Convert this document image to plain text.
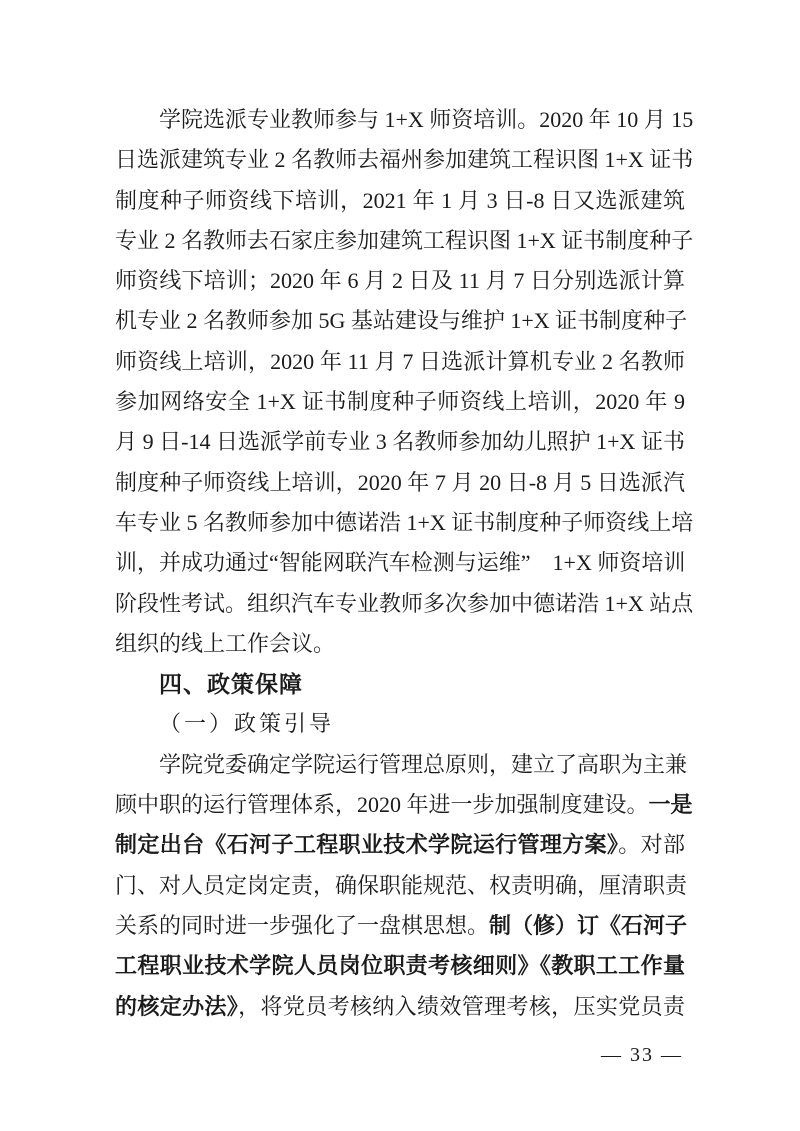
学院选派专业教师参与 1+X 师资培训。2020 年 10 月 15
日选派建筑专业 2 名教师去福州参加建筑工程识图 1+X 证书
制度种子师资线下培训，2021 年 1 月 3 日-8 日又选派建筑
专业 2 名教师去石家庄参加建筑工程识图 1+X 证书制度种子
师资线下培训；2020 年 6 月 2 日及 11 月 7 日分别选派计算
机专业 2 名教师参加 5G 基站建设与维护 1+X 证书制度种子
师资线上培训，2020 年 11 月 7 日选派计算机专业 2 名教师
参加网络安全 1+X 证书制度种子师资线上培训，2020 年 9
月 9 日-14 日选派学前专业 3 名教师参加幼儿照护 1+X 证书
制度种子师资线上培训，2020 年 7 月 20 日-8 月 5 日选派汽
车专业 5 名教师参加中德诺浩 1+X 证书制度种子师资线上培
训，并成功通过“智能网联汽车检测与运维”　1+X 师资培训
阶段性考试。组织汽车专业教师多次参加中德诺浩 1+X 站点
组织的线上工作会议。
四、政策保障
（一）政策引导
学院党委确定学院运行管理总原则，建立了高职为主兼
顾中职的运行管理体系，2020 年进一步加强制度建设。一是
制定出台《石河子工程职业技术学院运行管理方案》。对部
门、对人员定岗定责，确保职能规范、权责明确，厘清职责
关系的同时进一步强化了一盘棋思想。制（修）订《石河子
工程职业技术学院人员岗位职责考核细则》《教职工工作量
的核定办法》，将党员考核纳入绩效管理考核，压实党员责
— 33 —
